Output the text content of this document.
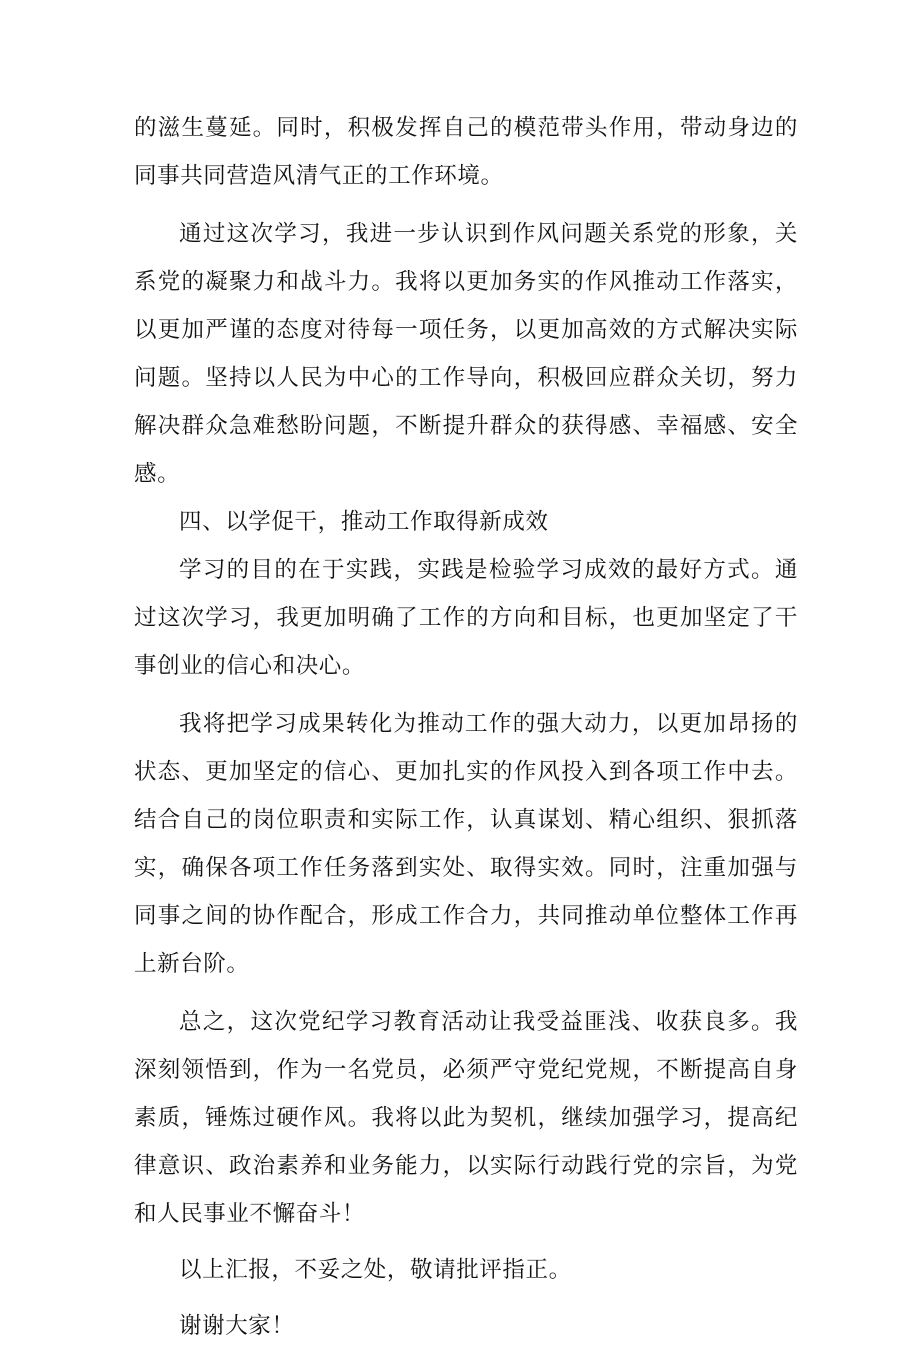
的滋生蔓延。同时，积极发挥自己的模范带头作用，带动身边的同事共同营造风清气正的工作环境。

通过这次学习，我进一步认识到作风问题关系党的形象，关系党的凝聚力和战斗力。我将以更加务实的作风推动工作落实，以更加严谨的态度对待每一项任务，以更加高效的方式解决实际问题。坚持以人民为中心的工作导向，积极回应群众关切，努力解决群众急难愁盼问题，不断提升群众的获得感、幸福感、安全感。

四、以学促干，推动工作取得新成效

学习的目的在于实践，实践是检验学习成效的最好方式。通过这次学习，我更加明确了工作的方向和目标，也更加坚定了干事创业的信心和决心。

我将把学习成果转化为推动工作的强大动力，以更加昂扬的状态、更加坚定的信心、更加扎实的作风投入到各项工作中去。结合自己的岗位职责和实际工作，认真谋划、精心组织、狠抓落实，确保各项工作任务落到实处、取得实效。同时，注重加强与同事之间的协作配合，形成工作合力，共同推动单位整体工作再上新台阶。

总之，这次党纪学习教育活动让我受益匪浅、收获良多。我深刻领悟到，作为一名党员，必须严守党纪党规，不断提高自身素质，锤炼过硬作风。我将以此为契机，继续加强学习，提高纪律意识、政治素养和业务能力，以实际行动践行党的宗旨，为党和人民事业不懈奋斗！

以上汇报，不妥之处，敬请批评指正。

谢谢大家！
